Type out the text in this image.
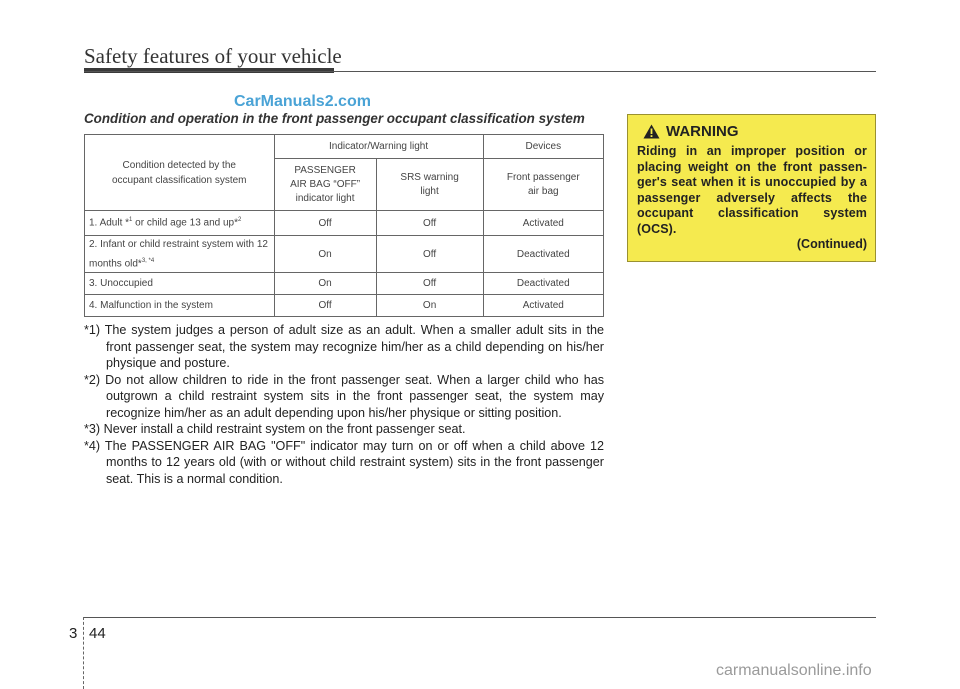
Safety features of your vehicle
CarManuals2.com
Condition and operation in the front passenger occupant classification system
Condition detected by the occupant classification system	Indicator/Warning light		Devices
	PASSENGER AIR BAG “OFF” indicator light	SRS warning light	Front passenger air bag
1. Adult *$^1$ or child age 13 and up*$^2$	Off	Off	Activated
2. Infant or child restraint system with 12 months old*$^{3, *4}$	On	Off	Deactivated
3. Unoccupied	On	Off	Deactivated
4. Malfunction in the system	Off	On	Activated
*1) The system judges a person of adult size as an adult. When a smaller adult sits in the front passenger seat, the system may recognize him/her as a child depending on his/her physique and posture.
*2) Do not allow children to ride in the front passenger seat. When a larger child who has outgrown a child restraint system sits in the front passenger seat, the system may recognize him/her as an adult depending upon his/her physique or sitting position.
*3) Never install a child restraint system on the front passenger seat.
*4) The PASSENGER AIR BAG "OFF" indicator may turn on or off when a child above 12 months to 12 years old (with or without child restraint system) sits in the front passenger seat. This is a normal condition.
WARNING
Riding in an improper position or placing weight on the front passen- ger's seat when it is unoccupied by a passenger adversely affects the occupant classification system (OCS).
(Continued)
3 44
carmanualsonline.info
